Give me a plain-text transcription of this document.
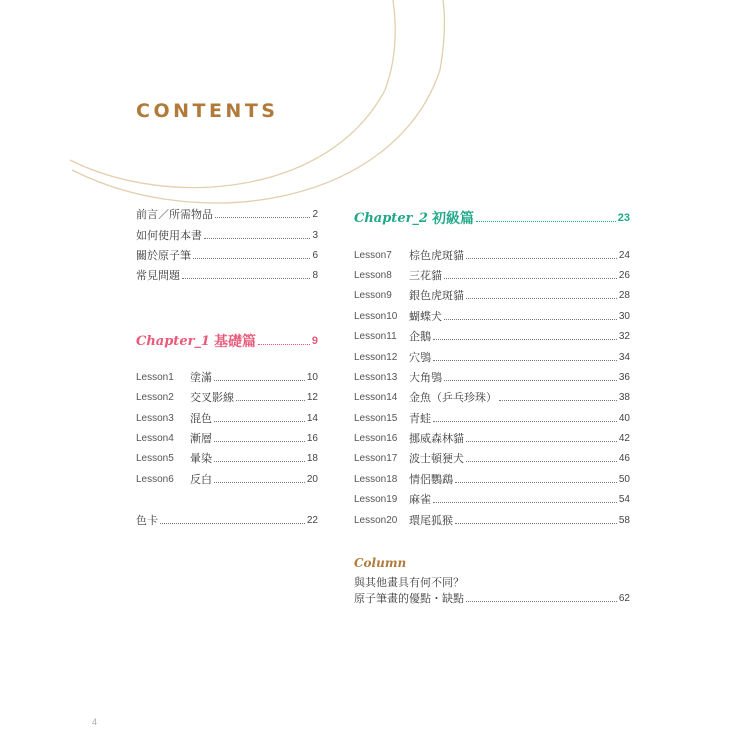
CONTENTS
前言／所需物品	2
如何使用本書	3
關於原子筆	6
常見問題	8
Chapter_1 基礎篇	9
Lesson1	塗滿	10
Lesson2	交叉影線	12
Lesson3	混色	14
Lesson4	漸層	16
Lesson5	暈染	18
Lesson6	反白	20
色卡	22
Chapter_2 初級篇	23
Lesson7	棕色虎斑貓	24
Lesson8	三花貓	26
Lesson9	銀色虎斑貓	28
Lesson10	蝴蝶犬	30
Lesson11	企鵝	32
Lesson12	穴鴞	34
Lesson13	大角鴞	36
Lesson14	金魚（乒乓珍珠）	38
Lesson15	青蛙	40
Lesson16	挪威森林貓	42
Lesson17	波士頓㹴犬	46
Lesson18	情侶鸚鵡	50
Lesson19	麻雀	54
Lesson20	環尾狐猴	58
Column
與其他畫具有何不同？
原子筆畫的優點・缺點	62
4
